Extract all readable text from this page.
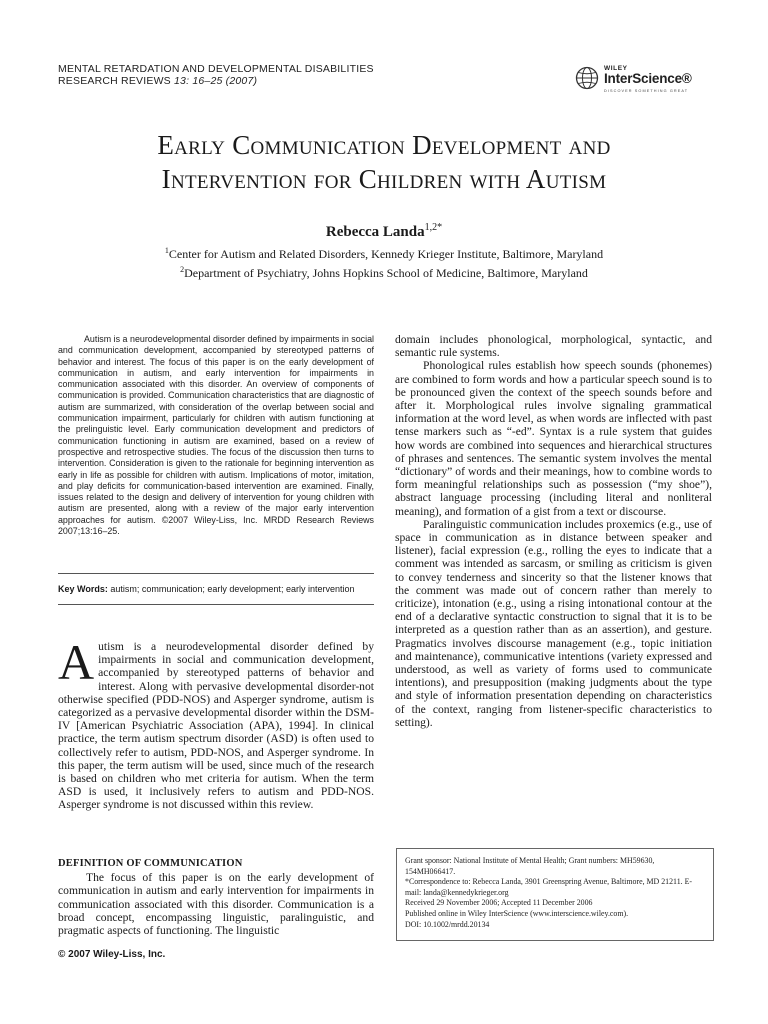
MENTAL RETARDATION AND DEVELOPMENTAL DISABILITIES
RESEARCH REVIEWS 13: 16–25 (2007)
WILEY
InterScience®
DISCOVER SOMETHING GREAT
Early Communication Development and
Intervention for Children with Autism
Rebecca Landa$^{1,2*}$
$^1$Center for Autism and Related Disorders, Kennedy Krieger Institute, Baltimore, Maryland
$^2$Department of Psychiatry, Johns Hopkins School of Medicine, Baltimore, Maryland
Autism is a neurodevelopmental disorder defined by impairments in social and communication development, accompanied by stereotyped patterns of behavior and interest. The focus of this paper is on the early development of communication in autism, and early intervention for impairments in communication associated with this disorder. An overview of components of communication is provided. Communication characteristics that are diagnostic of autism are summarized, with consideration of the overlap between social and communication impairment, particularly for children with autism functioning at the prelinguistic level. Early communication development and predictors of communication functioning in autism are examined, based on a review of prospective and retrospective studies. The focus of the discussion then turns to intervention. Consideration is given to the rationale for beginning intervention as early in life as possible for children with autism. Implications of motor, imitation, and play deficits for communication-based intervention are examined. Finally, issues related to the design and delivery of intervention for young children with autism are presented, along with a review of the major early intervention approaches for autism. ©2007 Wiley-Liss, Inc. MRDD Research Reviews 2007;13:16–25.
Key Words: autism; communication; early development; early intervention
Autism is a neurodevelopmental disorder defined by impairments in social and communication development, accompanied by stereotyped patterns of behavior and interest. Along with pervasive developmental disorder-not otherwise specified (PDD-NOS) and Asperger syndrome, autism is categorized as a pervasive developmental disorder within the DSM-IV [American Psychiatric Association (APA), 1994]. In clinical practice, the term autism spectrum disorder (ASD) is often used to collectively refer to autism, PDD-NOS, and Asperger syndrome. In this paper, the term autism will be used, since much of the research is based on children who met criteria for autism. When the term ASD is used, it inclusively refers to autism and PDD-NOS. Asperger syndrome is not discussed within this review.
DEFINITION OF COMMUNICATION
The focus of this paper is on the early development of communication in autism and early intervention for impairments in communication associated with this disorder. Communication is a broad concept, encompassing linguistic, paralinguistic, and pragmatic aspects of functioning. The linguistic
© 2007 Wiley-Liss, Inc.

domain includes phonological, morphological, syntactic, and semantic rule systems.

Phonological rules establish how speech sounds (phonemes) are combined to form words and how a particular speech sound is to be pronounced given the context of the speech sounds before and after it. Morphological rules involve signaling grammatical information at the word level, as when words are inflected with past tense markers such as “-ed”. Syntax is a rule system that guides how words are combined into sequences and hierarchical structures of phrases and sentences. The semantic system involves the mental “dictionary” of words and their meanings, how to combine words to form meaningful relationships such as possession (“my shoe”), abstract language processing (including literal and nonliteral meaning), and formation of a gist from a text or discourse.

Paralinguistic communication includes proxemics (e.g., use of space in communication as in distance between speaker and listener), facial expression (e.g., rolling the eyes to indicate that a comment was intended as sarcasm, or smiling as criticism is given to convey tenderness and sincerity so that the listener knows that the comment was made out of concern rather than merely to criticize), intonation (e.g., using a rising intonational contour at the end of a declarative syntactic construction to signal that it is to be interpreted as a question rather than as an assertion), and gesture. Pragmatics involves discourse management (e.g., topic initiation and maintenance), communicative intentions (variety expressed and understood, as well as variety of forms used to communicate intentions), and presupposition (making judgments about the type and style of information presentation depending on characteristics of the context, ranging from listener-specific characteristics to setting).

Grant sponsor: National Institute of Mental Health; Grant numbers: MH59630, 154MH066417.
*Correspondence to: Rebecca Landa, 3901 Greenspring Avenue, Baltimore, MD 21211. E-mail: landa@kennedykrieger.org
Received 29 November 2006; Accepted 11 December 2006
Published online in Wiley InterScience (www.interscience.wiley.com).
DOI: 10.1002/mrdd.20134
